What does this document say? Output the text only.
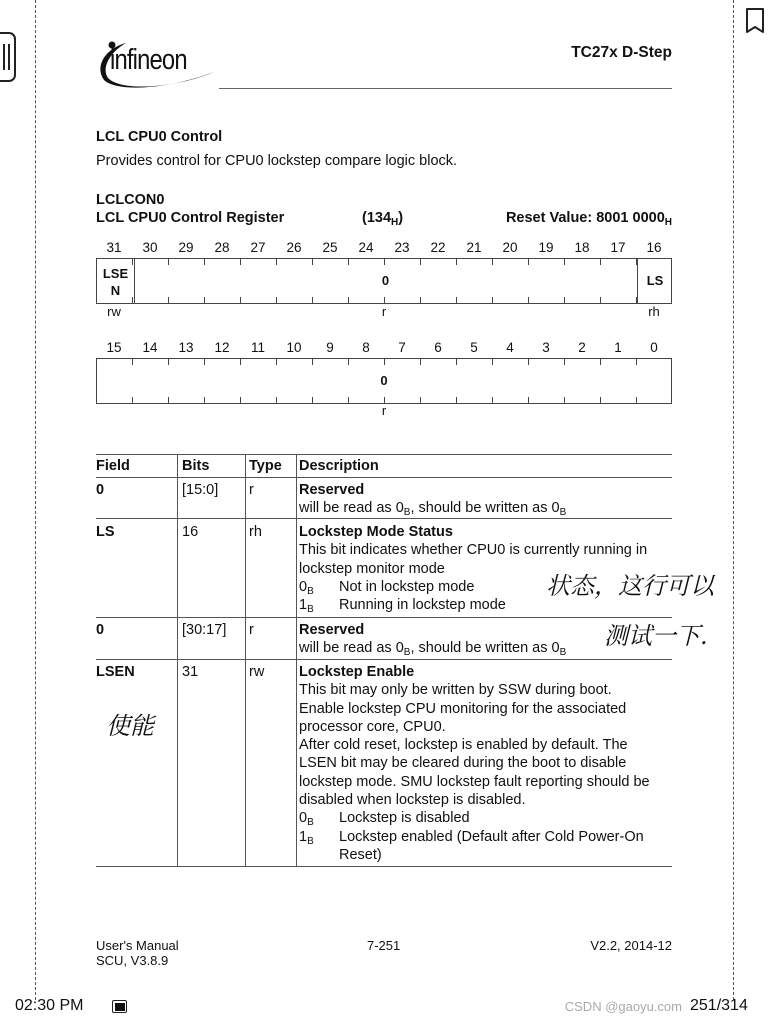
infineon	TC27x D-Step
LCL CPU0 Control
Provides control for CPU0 lockstep compare logic block.
LCLCON0
LCL CPU0 Control Register	$(134_H)$	Reset Value: 8001 $0000_H$
31	30	29	28	27	26	25	24	23	22	21	20	19	18	17	16
LSE N
0	LS
rw	r	rh
15	14	13	12	11	10	9	8	7	6	5	4	3	2	1	0
0
r
Field	Bits	Type Description
0	[15:0] r	Reserved
will be read as $0_B$, should be written as $0_B$
LS	16	rh	Lockstep Mode Status
This bit indicates whether CPU0 is currently running in
lockstep monitor mode
$0_B$ Not in lockstep mode
$1_B$ Running in lockstep mode
0	[30:17] r	Reserved
will be read as $0_B$, should be written as $0_B$
LSEN	31	rw Lockstep Enable
This bit may only be written by SSW during boot.
Enable lockstep CPU monitoring for the associated
processor core, CPU0.
After cold reset, lockstep is enabled by default. The
LSEN bit may be cleared during the boot to disable
lockstep mode. SMU lockstep fault reporting should be
disabled when lockstep is disabled.
$0_B$ Lockstep is disabled
$1_B$ Lockstep enabled (Default after Cold Power-On
Reset)
状态，这行可以
测试一下.
使能
User's Manual
SCU, V3.8.9
7-251	V2.2, 2014-12
02:30 PM	CSDN @gaoyu.com 251/314
